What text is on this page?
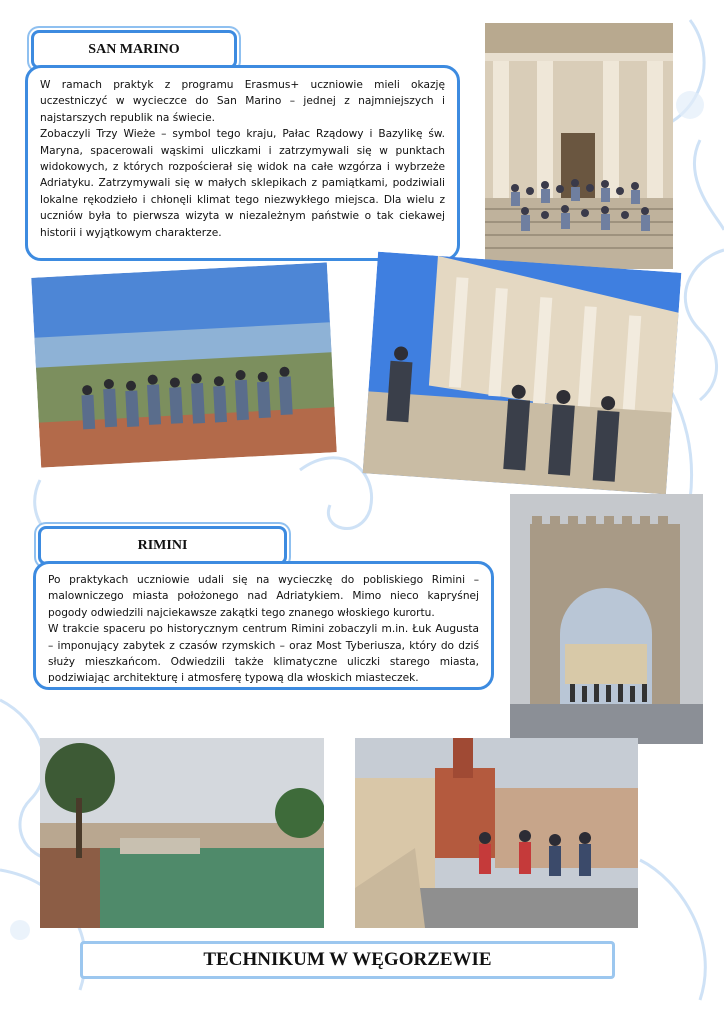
SAN MARINO

W ramach praktyk z programu Erasmus+ uczniowie mieli okazję uczestniczyć w wycieczce do San Marino – jednej z najmniejszych i najstarszych republik na świecie.

Zobaczyli Trzy Wieże – symbol tego kraju, Pałac Rządowy i Bazylikę św. Maryna, spacerowali wąskimi uliczkami i zatrzymywali się w punktach widokowych, z których rozpościerał się widok na całe wzgórza i wybrzeże Adriatyku. Zatrzymywali się w małych sklepikach z pamiątkami, podziwiali lokalne rękodzieło i chłonęli klimat tego niezwykłego miejsca. Dla wielu z uczniów była to pierwsza wizyta w niezależnym państwie o tak ciekawej historii i wyjątkowym charakterze.

RIMINI

Po praktykach uczniowie udali się na wycieczkę do pobliskiego Rimini – malowniczego miasta położonego nad Adriatykiem. Mimo nieco kapryśnej pogody odwiedzili najciekawsze zakątki tego znanego włoskiego kurortu.

W trakcie spaceru po historycznym centrum Rimini zobaczyli m.in. Łuk Augusta – imponujący zabytek z czasów rzymskich – oraz Most Tyberiusza, który do dziś służy mieszkańcom. Odwiedzili także klimatyczne uliczki starego miasta, podziwiając architekturę i atmosferę typową dla włoskich miasteczek.

TECHNIKUM W WĘGORZEWIE
